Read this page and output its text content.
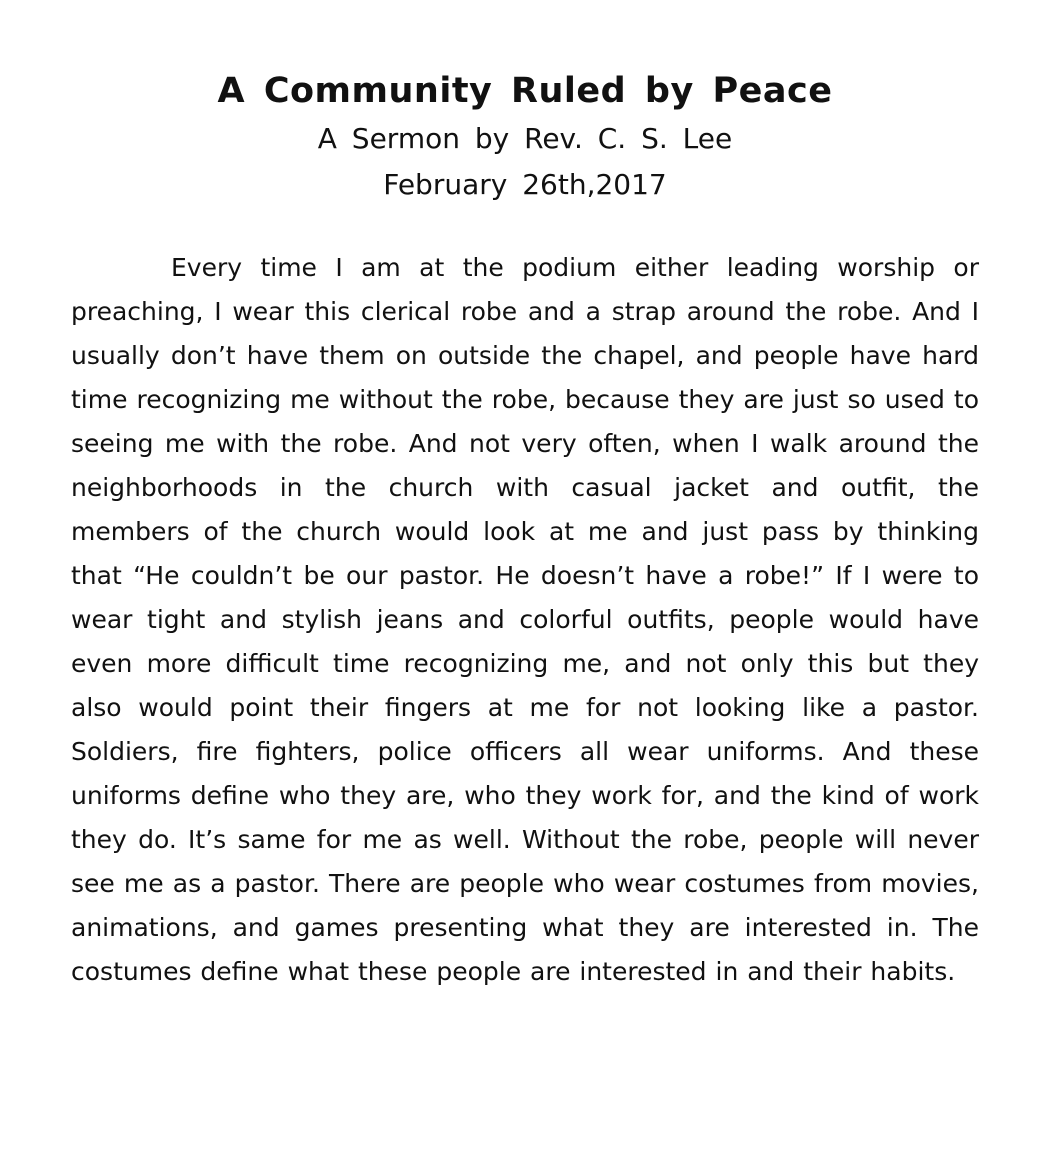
A Community Ruled by Peace
A Sermon by Rev. C. S. Lee
February 26th,2017

Every time I am at the podium either leading worship or preaching, I wear this clerical robe and a strap around the robe. And I usually don’t have them on outside the chapel, and people have hard time recognizing me without the robe, because they are just so used to seeing me with the robe. And not very often, when I walk around the neighborhoods in the church with casual jacket and outfit, the members of the church would look at me and just pass by thinking that “He couldn’t be our pastor. He doesn’t have a robe!” If I were to wear tight and stylish jeans and colorful outfits, people would have even more difficult time recognizing me, and not only this but they also would point their fingers at me for not looking like a pastor. Soldiers, fire fighters, police officers all wear uniforms. And these uniforms define who they are, who they work for, and the kind of work they do. It’s same for me as well. Without the robe, people will never see me as a pastor. There are people who wear costumes from movies, animations, and games presenting what they are interested in. The costumes define what these people are interested in and their habits.
